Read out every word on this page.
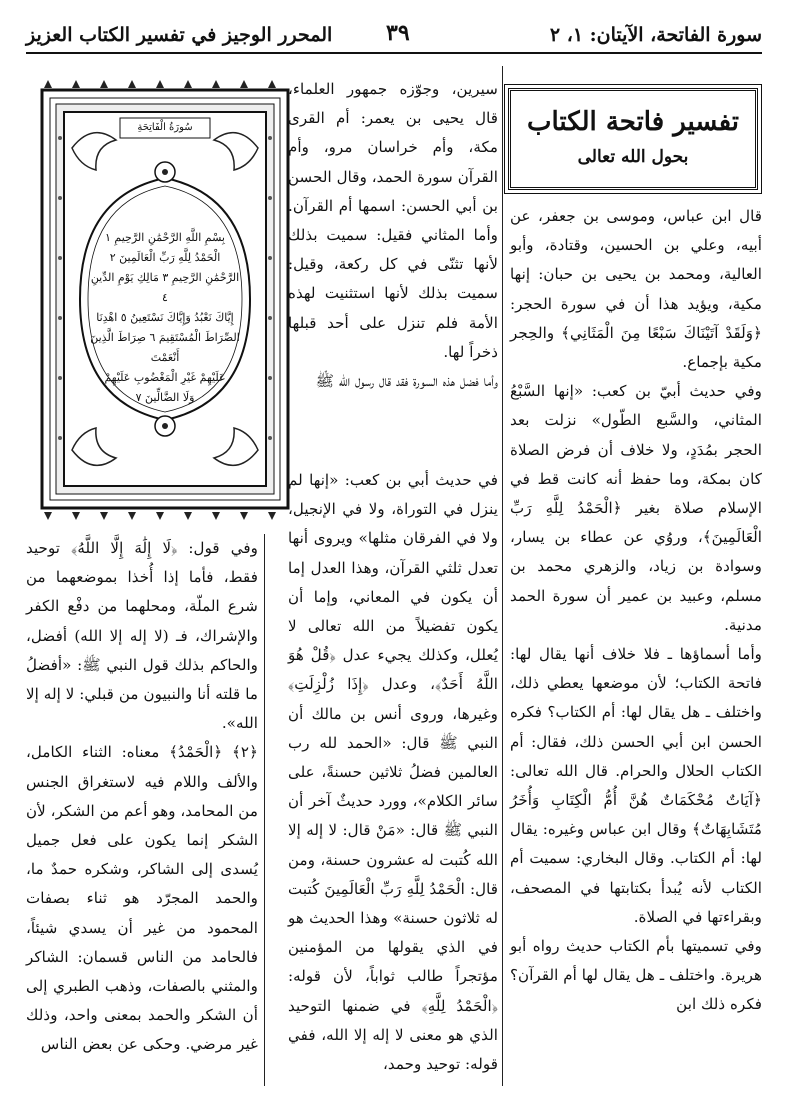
سورة الفاتحة، الآيتان: ١، ٢
٣٩
المحرر الوجيز في تفسير الكتاب العزيز
تفسير فاتحة الكتاب
بحول الله تعالى

قال ابن عباس، وموسى بن جعفر، عن أبيه، وعلي بن الحسين، وقتادة، وأبو العالية، ومحمد بن يحيى بن حبان: إنها مكية، ويؤيد هذا أن في سورة الحجر: ﴿وَلَقَدْ آتَيْنَاكَ سَبْعًا مِنَ الْمَثَانِي﴾ والحِجر مكية بإجماع.

وفي حديث أبيّ بن كعب: «إنها السَّبْعُ المثاني، والسَّبع الطّول» نزلت بعد الحجر بمُدَدٍ، ولا خلاف أن فرض الصلاة كان بمكة، وما حفظ أنه كانت قط في الإسلام صلاة بغير ﴿الْحَمْدُ لِلَّهِ رَبِّ الْعَالَمِينَ﴾، وروُي عن عطاء بن يسار، وسوادة بن زياد، والزهري محمد بن مسلم، وعبيد بن عمير أن سورة الحمد مدنية.

وأما أسماؤها ـ فلا خلاف أنها يقال لها: فاتحة الكتاب؛ لأن موضعها يعطي ذلك، واختلف ـ هل يقال لها: أم الكتاب؟ فكره الحسن ابن أبي الحسن ذلك، فقال: أم الكتاب الحلال والحرام. قال الله تعالى: ﴿آيَاتٌ مُحْكَمَاتٌ هُنَّ أُمُّ الْكِتَابِ وَأُخَرُ مُتَشَابِهَاتٌ﴾ وقال ابن عباس وغيره: يقال لها: أم الكتاب. وقال البخاري: سميت أم الكتاب لأنه يُبدأ بكتابتها في المصحف، وبقراءتها في الصلاة.

وفي تسميتها بأم الكتاب حديث رواه أبو هريرة. واختلف ـ هل يقال لها أم القرآن؟ فكره ذلك ابن

سيرين، وجوّزه جمهور العلماء، قال يحيى بن يعمر: أم القرى مكة، وأم خراسان مرو، وأم القرآن سورة الحمد، وقال الحسن بن أبي الحسن: اسمها أم القرآن. وأما المثاني فقيل: سميت بذلك لأنها تثنّى في كل ركعة، وقيل: سميت بذلك لأنها استثنيت لهذه الأمة فلم تنزل على أحد قبلها ذخراً لها.

وأما فضل هذه السورة فقد قال رسول الله ﷺ

في حديث أبي بن كعب: «إنها لم ينزل في التوراة، ولا في الإنجيل، ولا في الفرقان مثلها» ويروى أنها تعدل ثلثي القرآن، وهذا العدل إما أن يكون في المعاني، وإما أن يكون تفضيلاً من الله تعالى لا يُعلل، وكذلك يجيء عدل ﴿قُلْ هُوَ اللَّهُ أَحَدٌ﴾، وعدل ﴿إِذَا زُلْزِلَتِ﴾ وغيرها، وروى أنس بن مالك أن النبي ﷺ قال: «الحمد لله رب العالمين فضلُ ثلاثين حسنةً، على سائر الكلام»، وورد حديثٌ آخر أن النبي ﷺ قال: «مَنْ قال: لا إله إلا الله كُتبت له عشرون حسنة، ومن قال: الْحَمْدُ لِلَّهِ رَبِّ الْعَالَمِينَ كُتبت له ثلاثون حسنة» وهذا الحديث هو في الذي يقولها من المؤمنين مؤتجراً طالب ثواباً، لأن قوله: ﴿الْحَمْدُ لِلَّهِ﴾ في ضمنها التوحيد الذي هو معنى لا إله إلا الله، ففي قوله: توحيد وحمد،

وفي قول: ﴿لَا إِلَٰهَ إِلَّا اللَّهُ﴾ توحيد فقط، فأما إذا أُخذا بموضعهما من شرع الملّة، ومحلهما من دفْع الكفر والإشراك، فـ (لا إله إلا الله) أفضل، والحاكم بذلك قول النبي ﷺ: «أفضلُ ما قلته أنا والنبيون من قبلي: لا إله إلا الله».

﴿٢﴾ ﴿الْحَمْدُ﴾ معناه: الثناء الكامل، والألف واللام فيه لاستغراق الجنس من المحامد، وهو أعم من الشكر، لأن الشكر إنما يكون على فعل جميل يُسدى إلى الشاكر، وشكره حمدٌ ما، والحمد المجرّد هو ثناء بصفات المحمود من غير أن يسدي شيئاً، فالحامد من الناس قسمان: الشاكر والمثني بالصفات، وذهب الطبري إلى أن الشكر والحمد بمعنى واحد، وذلك غير مرضي. وحكى عن بعض الناس

سُورَةُ الْفَاتِحَةِ
بِسْمِ اللَّهِ الرَّحْمَٰنِ الرَّحِيمِ ١
الْحَمْدُ لِلَّهِ رَبِّ الْعَالَمِينَ ٢
الرَّحْمَٰنِ الرَّحِيمِ ٣ مَالِكِ يَوْمِ الدِّينِ ٤
إِيَّاكَ نَعْبُدُ وَإِيَّاكَ نَسْتَعِينُ ٥ اهْدِنَا
الصِّرَاطَ الْمُسْتَقِيمَ ٦ صِرَاطَ الَّذِينَ أَنْعَمْتَ
عَلَيْهِمْ غَيْرِ الْمَغْضُوبِ عَلَيْهِمْ
وَلَا الضَّالِّينَ ٧
